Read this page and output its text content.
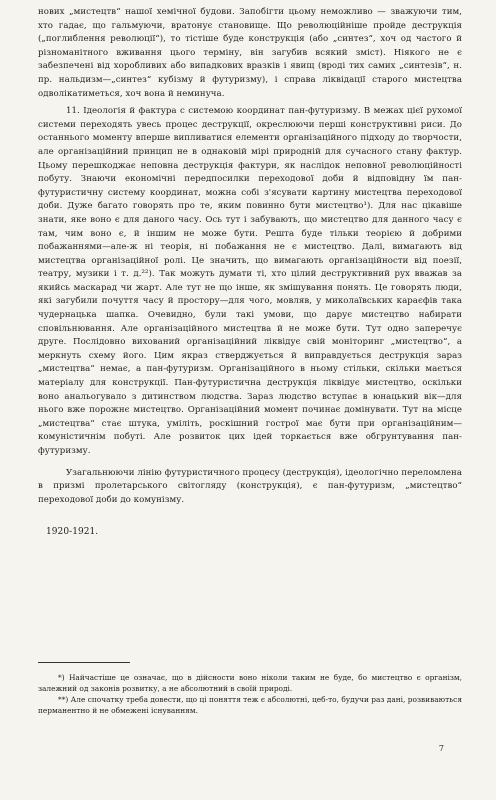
нових „мистецтв“ нашої хемічної будови. Запобігти цьому неможливо — зважуючи тим, хто гадає, що гальмуючи, вратонує становище. Що революційніше пройде деструкція („поглиблення революції“), то тістіше буде конструкція (або „синтез“, хоч од частого й різноманітного вживання цього терміну, він загубив всякий зміст). Ніякого не є забезпечені від хоробливих або випадкових вразків і явищ (вроді тих самих „синтезів“, н. пр. нальдизм—„синтез“ кубізму й футуризму), і справа ліквідації старого мистецтва одволікатиметься, хоч вона й неминуча.

11. Ідеологія й фактура с системою координат пан-футуризму. В межах цієї рухомої системи переходять увесь процес деструкції, окреслюючи перші конструктивні риси. До останнього моменту вперше випливатися елементи організаційного підходу до творчости, але організаційний принцип не в однаковій мірі природній для сучасного стану фактур. Цьому перешкоджає неповна деструкція фактури, як наслідок неповної революційності побуту. Знаючи економічні передпосилки переходової доби й відповідну їм пан-футуристичну систему координат, можна собі з'ясувати картину мистецтва переходової доби. Дуже багато говорять про те, яким повинно бути мистецтво¹). Для нас цікавіше знати, яке воно є для даного часу. Ось тут і забувають, що мистецтво для данного часу є там, чим воно є, й іншим не може бути. Решта буде тільки теорією й добрими побажаннями—але-ж ні теорія, ні побажання не є мистецтво. Далі, вимагають від мистецтва організаційної ролі. Це значить, що вимагають організаційности від поезії, театру, музики і т. д.²²). Так можуть думати ті, хто цілий деструктивний рух вважав за якийсь маскарад чи жарт. Але тут не що інше, як змішування понять. Це говорять люди, які загубили почуття часу й простору—для чого, мовляв, у миколаївських караєфів така чудернацька шапка. Очевидно, були такі умови, що дарує мистецтво набирати сповільнювання. Але організаційного мистецтва й не може бути. Тут одно заперечує друге. Послідовно вихований організаційний ліквідує свій моніторинг „мистецтво“, а меркнуть схему його. Цим якраз стверджується й виправдується деструкція зараз „мистецтва“ немає, а пан-футуризм. Організаційного в ньому стільки, скільки мається матеріалу для конструкції. Пан-футуристична деструкція ліквідує мистецтво, оскільки воно анальогувало з дитинством людства. Зараз людство вступає в юнацький вік—для нього вже порожнє мистецтво. Організаційний момент починає домінувати. Тут на місце „мистецтва“ стає штука, уміліть, роскішний гострої має бути при організаційним—комуністичнім побуті. Але розвиток цих ідей торкається вже обгрунтування пан-футуризму.

Узагальнюючи лінію футуристичного процесу (деструкція), ідеологічно переломлена в призмі пролетарського світогляду (конструкція), є пан-футуризм, „мистецтво“ переходової доби до комунізму.

1920-1921.

*) Найчастіше це означає, що в дійсности воно ніколи таким не буде, бо мистецтво є організм, залежний од законів розвитку, а не абсолютний в своїй природі.

**) Але спочатку треба довести, що ці поняття теж є абсолютні, цеб-то, будучи раз дані, розвиваються перманентно й не обмежені існуванням.

7
